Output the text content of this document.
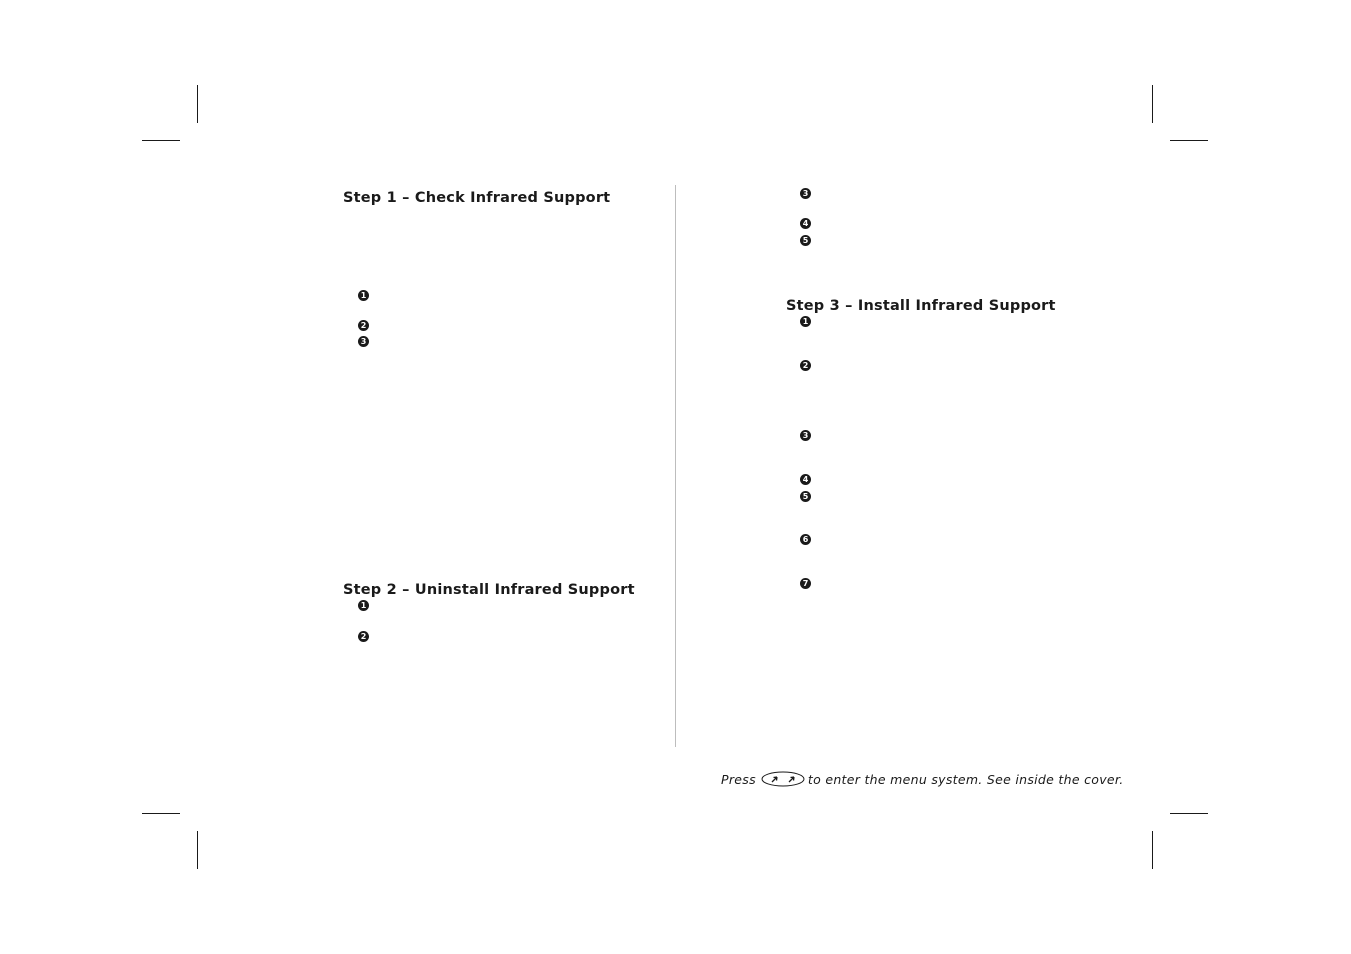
Step 1 – Check Infrared Support
1
2
3
Step 2 – Uninstall Infrared Support
1
2
3
4
5
Step 3 – Install Infrared Support
1
2
3
4
5
6
7
Press	to enter the menu system. See inside the cover.
